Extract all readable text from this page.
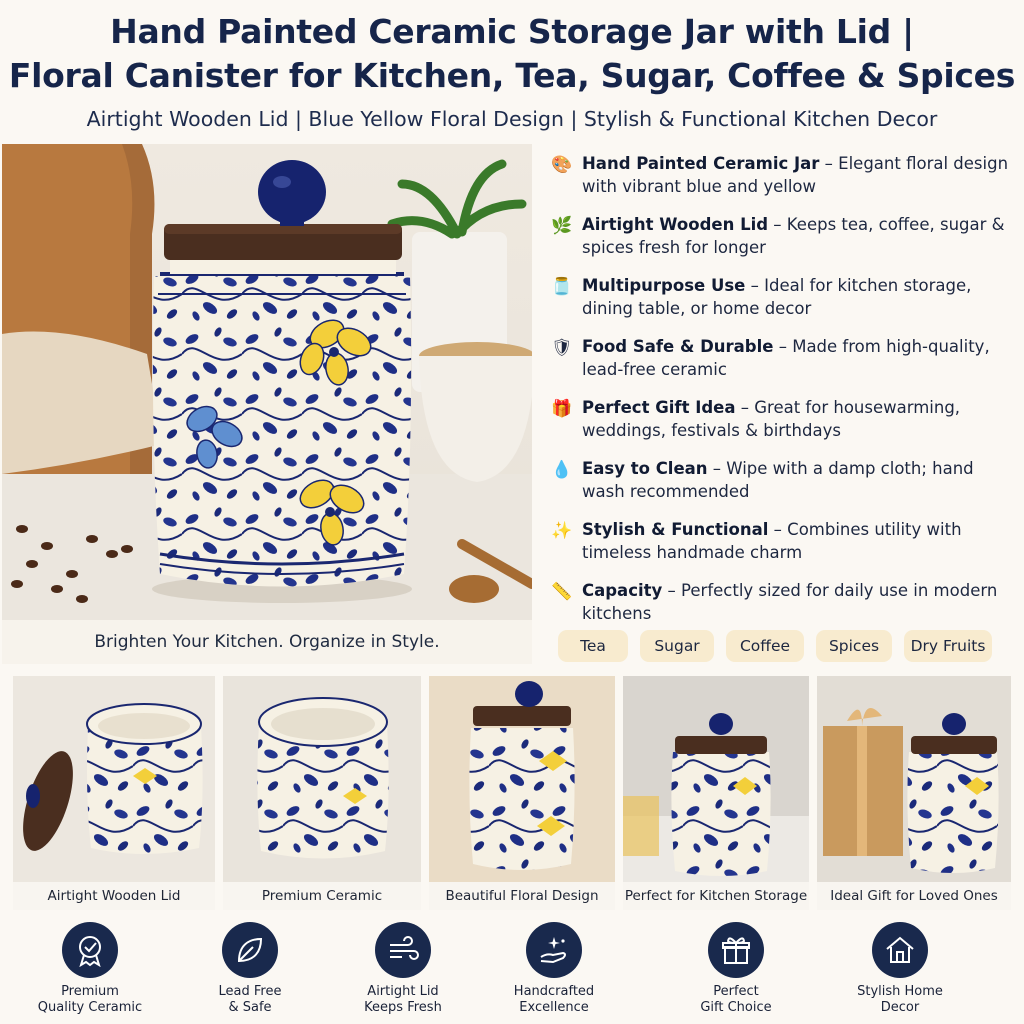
Hand Painted Ceramic Storage Jar with Lid |
Floral Canister for Kitchen, Tea, Sugar, Coffee & Spices
Airtight Wooden Lid | Blue Yellow Floral Design | Stylish & Functional Kitchen Decor
Brighten Your Kitchen. Organize in Style.
🎨 Hand Painted Ceramic Jar – Elegant floral design with vibrant blue and yellow
🌿 Airtight Wooden Lid – Keeps tea, coffee, sugar & spices fresh for longer
🫙 Multipurpose Use – Ideal for kitchen storage, dining table, or home decor
🛡 Food Safe & Durable – Made from high-quality, lead-free ceramic
🎁 Perfect Gift Idea – Great for housewarming, weddings, festivals & birthdays
💧 Easy to Clean – Wipe with a damp cloth; hand wash recommended
✨ Stylish & Functional – Combines utility with timeless handmade charm
📏 Capacity – Perfectly sized for daily use in modern kitchens
Tea	Sugar	Coffee	Spices	Dry Fruits
Airtight Wooden Lid	Premium Ceramic	Beautiful Floral Design	Perfect for Kitchen Storage	Ideal Gift for Loved Ones
Premium
Quality Ceramic
Lead Free
& Safe
Airtight Lid
Keeps Fresh
Handcrafted
Excellence
Perfect
Gift Choice
Stylish Home
Decor
